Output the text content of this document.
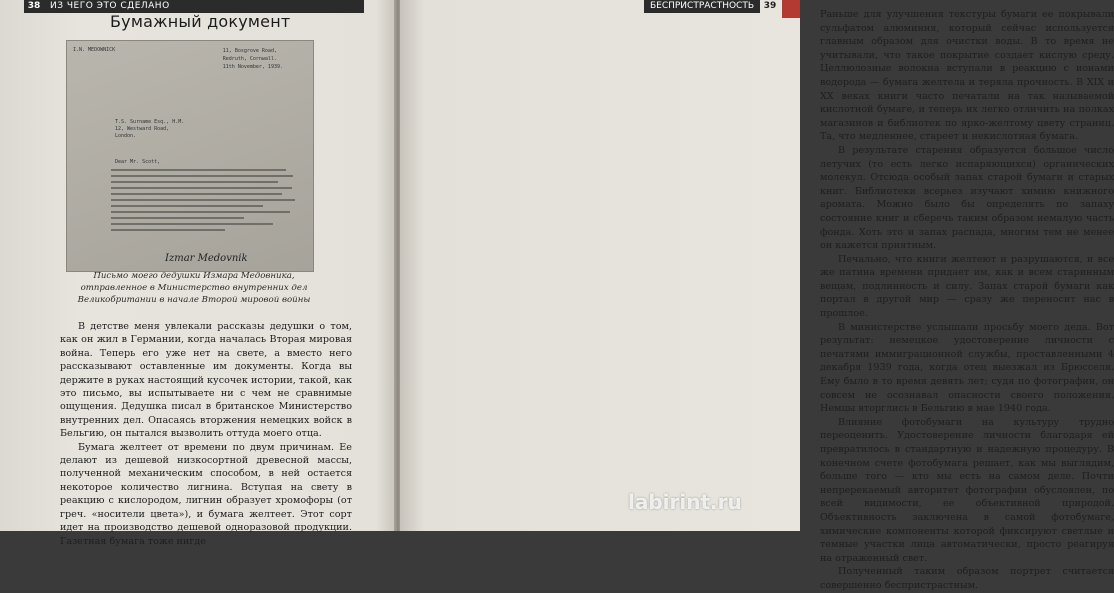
38 ИЗ ЧЕГО ЭТО СДЕЛАНО
Бумажный документ
I.N. MEDOWNICK	11, Bosgrove Road,
Redruth, Cornwall.
11th November, 1939.
T.S. Surname Esq., H.M.
12, Westward Road,
London.
Dear Mr. Scott,
Izmar Medovnik
Письмо моего дедушки Измара Медовника, отправленное в Министерство внутренних дел Великобритании в начале Второй мировой войны

В детстве меня увлекали рассказы дедушки о том, как он жил в Германии, когда началась Вторая мировая война. Теперь его уже нет на свете, а вместо него рассказывают оставленные им документы. Когда вы держите в руках настоящий кусочек истории, такой, как это письмо, вы испытываете ни с чем не сравнимые ощущения. Дедушка писал в британское Министерство внутренних дел. Опасаясь вторжения немецких войск в Бельгию, он пытался вызволить оттуда моего отца.

Бумага желтеет от времени по двум причинам. Ее делают из дешевой низкосортной древесной массы, полученной механическим способом, в ней остается некоторое количество лигнина. Вступая на свету в реакцию с кислородом, лигнин образует хромофоры (от греч. «носители цвета»), и бумага желтеет. Этот сорт идет на производство дешевой одноразовой продукции. Газетная бумага тоже нигде

Раньше для улучшения текстуры бумаги ее покрывали сульфатом алюминия, который сейчас используется главным образом для очистки воды. В то время не учитывали, что такое покрытие создает кислую среду. Целлюлозные волокна вступали в реакцию с ионами водорода — бумага желтела и теряла прочность. В XIX и XX веках книги часто печатали на так называемой кислотной бумаге, и теперь их легко отличить на полках магазинов и библиотек по ярко-желтому цвету страниц. Та, что медленнее, стареет и некислотная бумага.

В результате старения образуется большое число летучих (то есть легко испаряющихся) органических молекул. Отсюда особый запах старой бумаги и старых книг. Библиотеки всерьез изучают химию книжного аромата. Можно было бы определять по запаху состояние книг и сберечь таким образом немалую часть фонда. Хоть это и запах распада, многим тем не менее он кажется приятным.

Печально, что книги желтеют и разрушаются, и все же патина времени придает им, как и всем старинным вещам, подлинность и силу. Запах старой бумаги как портал в другой мир — сразу же переносит нас в прошлое.

В министерстве услышали просьбу моего деда. Вот результат: немецкое удостоверение личности с печатями иммиграционной службы, проставленными 4 декабря 1939 года, когда отец выезжал из Брюсселя. Ему было в то время девять лет; судя по фотографии, он совсем не осознавал опасности своего положения. Немцы вторглись в Бельгию в мае 1940 года.

Влияние фотобумаги на культуру трудно переоценить. Удостоверение личности благодаря ей превратилось в стандартную и надежную процедуру. В конечном счете фотобумага решает, как мы выглядим, больше того — кто мы есть на самом деле. Почти непререкаемый авторитет фотографии обусловлен, по всей видимости, ее объективной природой. Объективность заключена в самой фотобумаге, химические компоненты которой фиксируют светлые и темные участки лица автоматически, просто реагируя на отраженный свет.

Полученный таким образом портрет считается совершенно беспристрастным.

БЕСПРИСТРАСТНОСТЬ 39
labirint.ru
